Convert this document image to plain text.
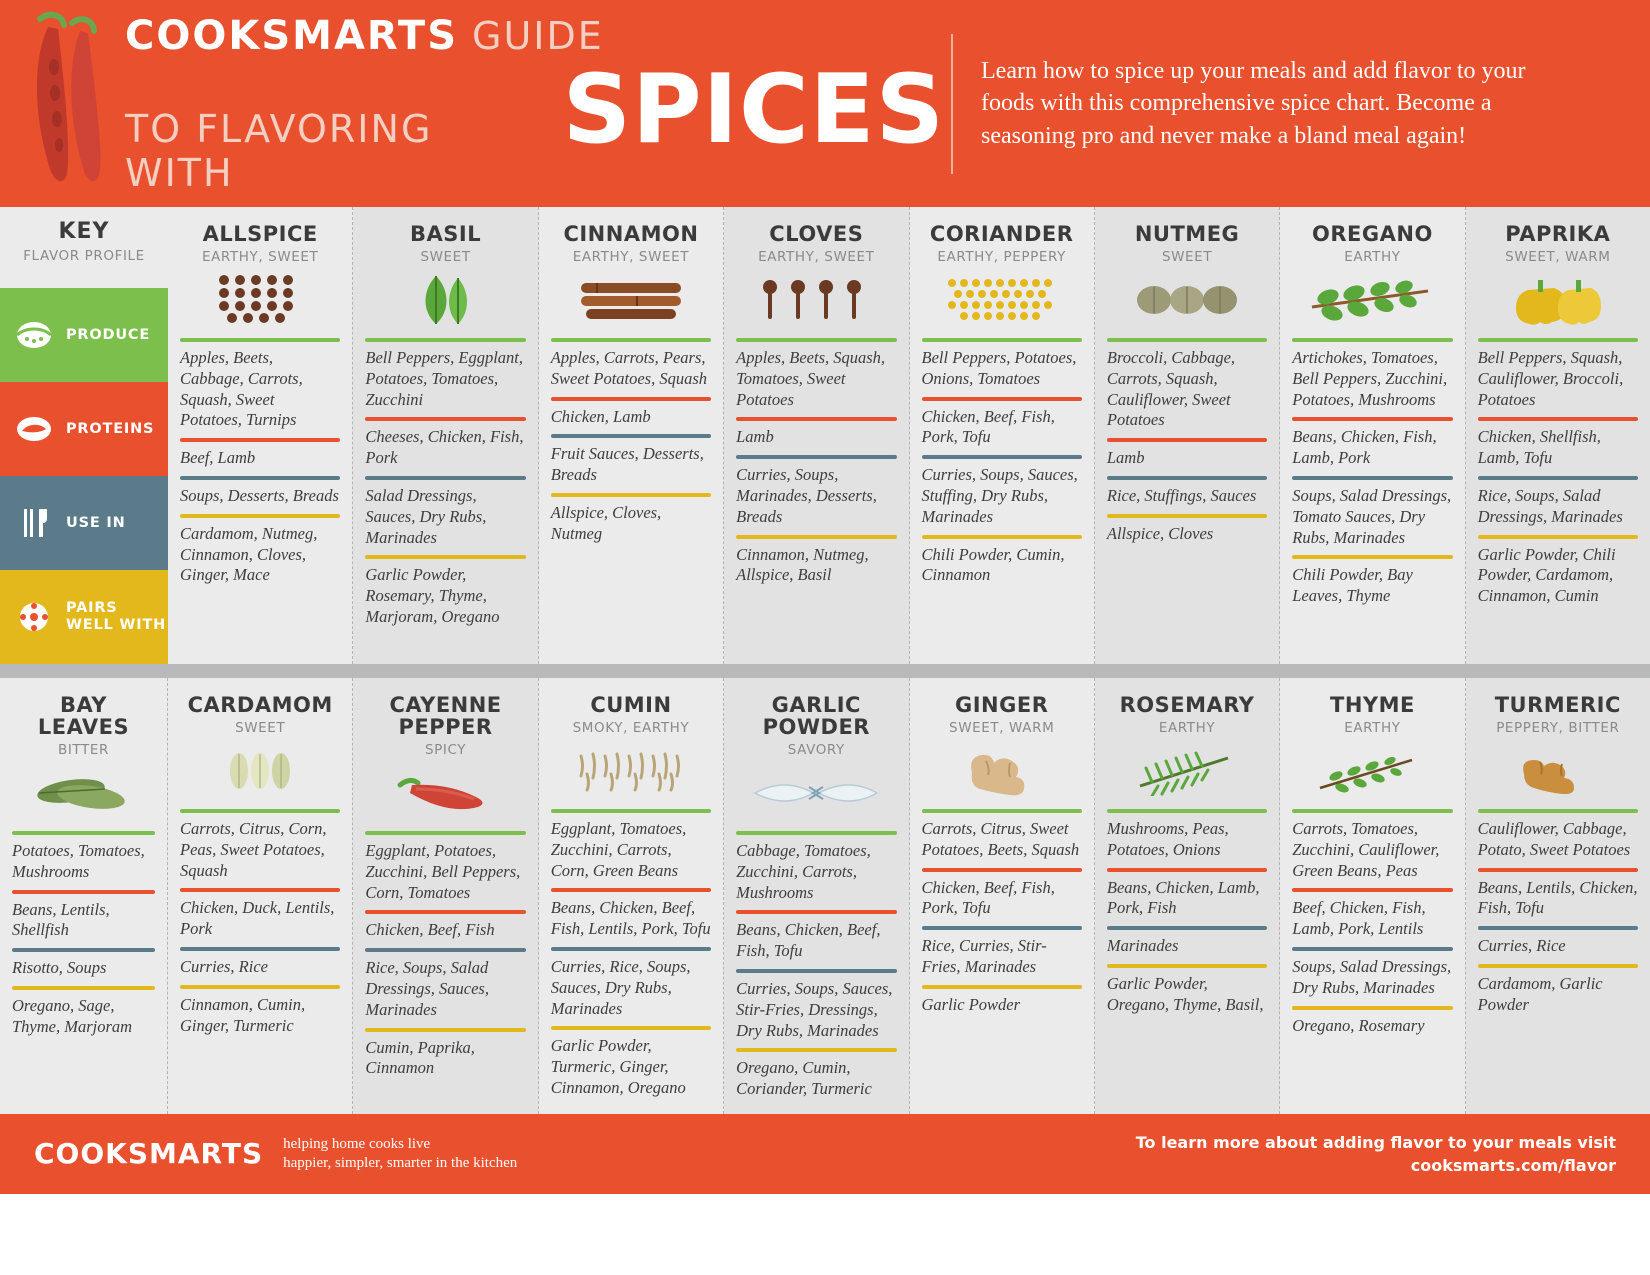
COOKSMARTS GUIDE
TO FLAVORING WITH
SPICES Learn how to spice up your meals and add flavor to your foods with this comprehensive spice chart. Become a seasoning pro and never make a bland meal again!
KEY
FLAVOR PROFILE
PRODUCE
PROTEINS
USE IN
PAIRS WELL WITH
ALLSPICE
EARTHY, SWEET
Apples, Beets, Cabbage, Carrots, Squash, Sweet Potatoes, Turnips
Beef, Lamb
Soups, Desserts, Breads
Cardamom, Nutmeg, Cinnamon, Cloves, Ginger, Mace
BASIL
SWEET
Bell Peppers, Eggplant, Potatoes, Tomatoes, Zucchini
Cheeses, Chicken, Fish, Pork
Salad Dressings, Sauces, Dry Rubs, Marinades
Garlic Powder, Rosemary, Thyme, Marjoram, Oregano
CINNAMON
EARTHY, SWEET
Apples, Carrots, Pears, Sweet Potatoes, Squash
Chicken, Lamb
Fruit Sauces, Desserts, Breads
Allspice, Cloves, Nutmeg
CLOVES
EARTHY, SWEET
Apples, Beets, Squash, Tomatoes, Sweet Potatoes
Lamb
Curries, Soups, Marinades, Desserts, Breads
Cinnamon, Nutmeg, Allspice, Basil
CORIANDER
EARTHY, PEPPERY
Bell Peppers, Potatoes, Onions, Tomatoes
Chicken, Beef, Fish, Pork, Tofu
Curries, Soups, Sauces, Stuffing, Dry Rubs, Marinades
Chili Powder, Cumin, Cinnamon
NUTMEG
SWEET
Broccoli, Cabbage, Carrots, Squash, Cauliflower, Sweet Potatoes
Lamb
Rice, Stuffings, Sauces
Allspice, Cloves
OREGANO
EARTHY
Artichokes, Tomatoes, Bell Peppers, Zucchini, Potatoes, Mushrooms
Beans, Chicken, Fish, Lamb, Pork
Soups, Salad Dressings, Tomato Sauces, Dry Rubs, Marinades
Chili Powder, Bay Leaves, Thyme
PAPRIKA
SWEET, WARM
Bell Peppers, Squash, Cauliflower, Broccoli, Potatoes
Chicken, Shellfish, Lamb, Tofu
Rice, Soups, Salad Dressings, Marinades
Garlic Powder, Chili Powder, Cardamom, Cinnamon, Cumin
BAY LEAVES
BITTER
Potatoes, Tomatoes, Mushrooms
Beans, Lentils, Shellfish
Risotto, Soups
Oregano, Sage, Thyme, Marjoram
CARDAMOM
SWEET
Carrots, Citrus, Corn, Peas, Sweet Potatoes, Squash
Chicken, Duck, Lentils, Pork
Curries, Rice
Cinnamon, Cumin, Ginger, Turmeric
CAYENNE PEPPER
SPICY
Eggplant, Potatoes, Zucchini, Bell Peppers, Corn, Tomatoes
Chicken, Beef, Fish
Rice, Soups, Salad Dressings, Sauces, Marinades
Cumin, Paprika, Cinnamon
CUMIN
SMOKY, EARTHY
Eggplant, Tomatoes, Zucchini, Carrots, Corn, Green Beans
Beans, Chicken, Beef, Fish, Lentils, Pork, Tofu
Curries, Rice, Soups, Sauces, Dry Rubs, Marinades
Garlic Powder, Turmeric, Ginger, Cinnamon, Oregano
GARLIC POWDER
SAVORY
Cabbage, Tomatoes, Zucchini, Carrots, Mushrooms
Beans, Chicken, Beef, Fish, Tofu
Curries, Soups, Sauces, Stir-Fries, Dressings, Dry Rubs, Marinades
Oregano, Cumin, Coriander, Turmeric
GINGER
SWEET, WARM
Carrots, Citrus, Sweet Potatoes, Beets, Squash
Chicken, Beef, Fish, Pork, Tofu
Rice, Curries, Stir-Fries, Marinades
Garlic Powder
ROSEMARY
EARTHY
Mushrooms, Peas, Potatoes, Onions
Beans, Chicken, Lamb, Pork, Fish
Marinades
Garlic Powder, Oregano, Thyme, Basil,
THYME
EARTHY
Carrots, Tomatoes, Zucchini, Cauliflower, Green Beans, Peas
Beef, Chicken, Fish, Lamb, Pork, Lentils
Soups, Salad Dressings, Dry Rubs, Marinades
Oregano, Rosemary
TURMERIC
PEPPERY, BITTER
Cauliflower, Cabbage, Potato, Sweet Potatoes
Beans, Lentils, Chicken, Fish, Tofu
Curries, Rice
Cardamom, Garlic Powder
COOKSMARTS helping home cooks live
happier, simpler, smarter in the kitchen
To learn more about adding flavor to your meals visit
cooksmarts.com/flavor
